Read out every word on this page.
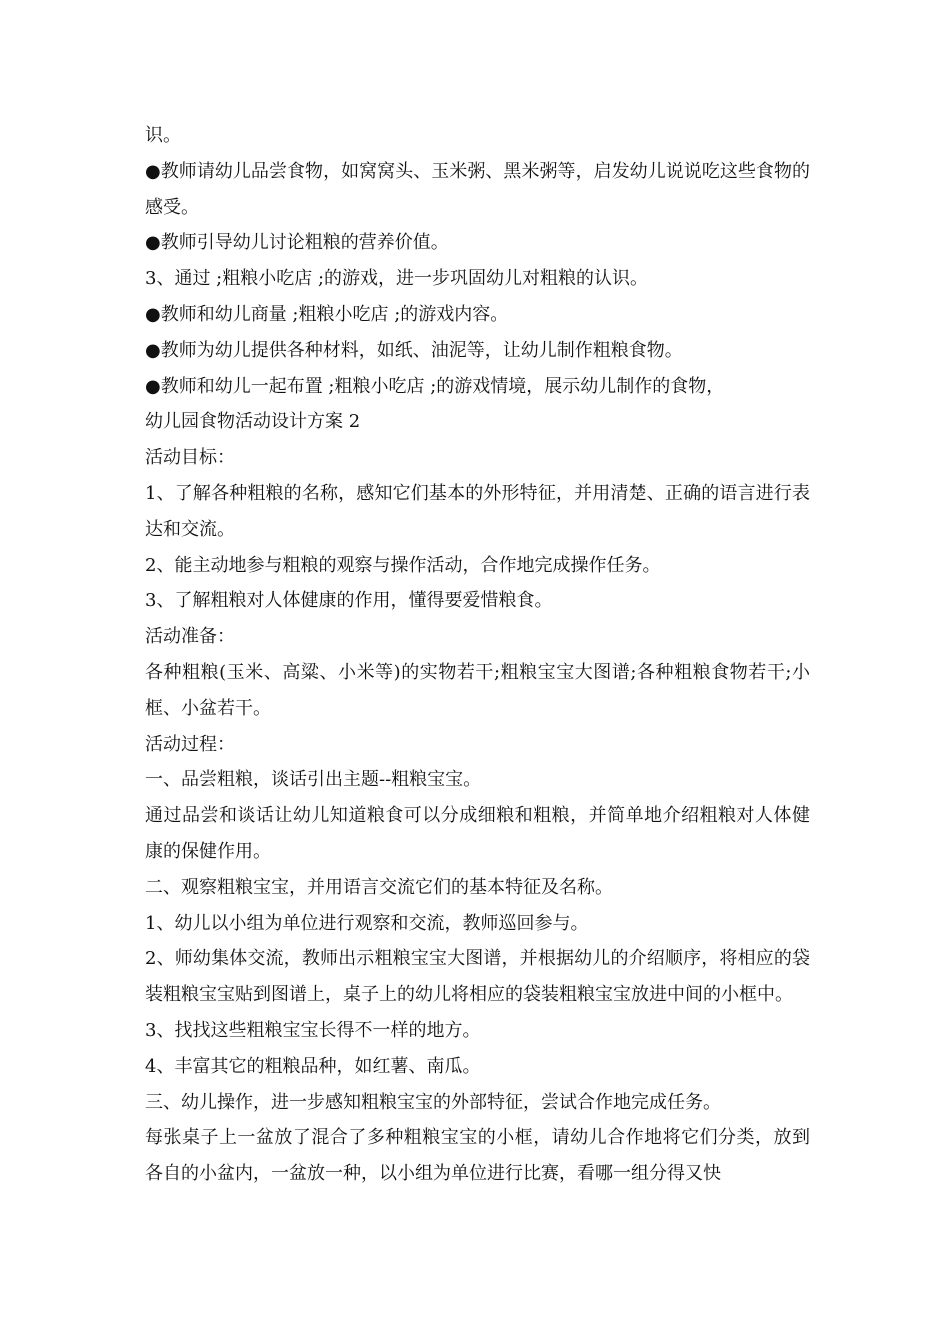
识。

●教师请幼儿品尝食物，如窝窝头、玉米粥、黑米粥等，启发幼儿说说吃这些食物的感受。

●教师引导幼儿讨论粗粮的营养价值。

3、通过 ;粗粮小吃店 ;的游戏，进一步巩固幼儿对粗粮的认识。

●教师和幼儿商量 ;粗粮小吃店 ;的游戏内容。

●教师为幼儿提供各种材料，如纸、油泥等，让幼儿制作粗粮食物。

●教师和幼儿一起布置 ;粗粮小吃店 ;的游戏情境，展示幼儿制作的食物，

幼儿园食物活动设计方案 2

活动目标：

1、了解各种粗粮的名称，感知它们基本的外形特征，并用清楚、正确的语言进行表达和交流。

2、能主动地参与粗粮的观察与操作活动，合作地完成操作任务。

3、了解粗粮对人体健康的作用，懂得要爱惜粮食。

活动准备：

各种粗粮(玉米、高粱、小米等)的实物若干;粗粮宝宝大图谱;各种粗粮食物若干;小框、小盆若干。

活动过程：

一、品尝粗粮，谈话引出主题--粗粮宝宝。

通过品尝和谈话让幼儿知道粮食可以分成细粮和粗粮，并简单地介绍粗粮对人体健康的保健作用。

二、观察粗粮宝宝，并用语言交流它们的基本特征及名称。

1、幼儿以小组为单位进行观察和交流，教师巡回参与。

2、师幼集体交流，教师出示粗粮宝宝大图谱，并根据幼儿的介绍顺序，将相应的袋装粗粮宝宝贴到图谱上，桌子上的幼儿将相应的袋装粗粮宝宝放进中间的小框中。

3、找找这些粗粮宝宝长得不一样的地方。

4、丰富其它的粗粮品种，如红薯、南瓜。

三、幼儿操作，进一步感知粗粮宝宝的外部特征，尝试合作地完成任务。

每张桌子上一盆放了混合了多种粗粮宝宝的小框，请幼儿合作地将它们分类，放到各自的小盆内，一盆放一种，以小组为单位进行比赛，看哪一组分得又快
